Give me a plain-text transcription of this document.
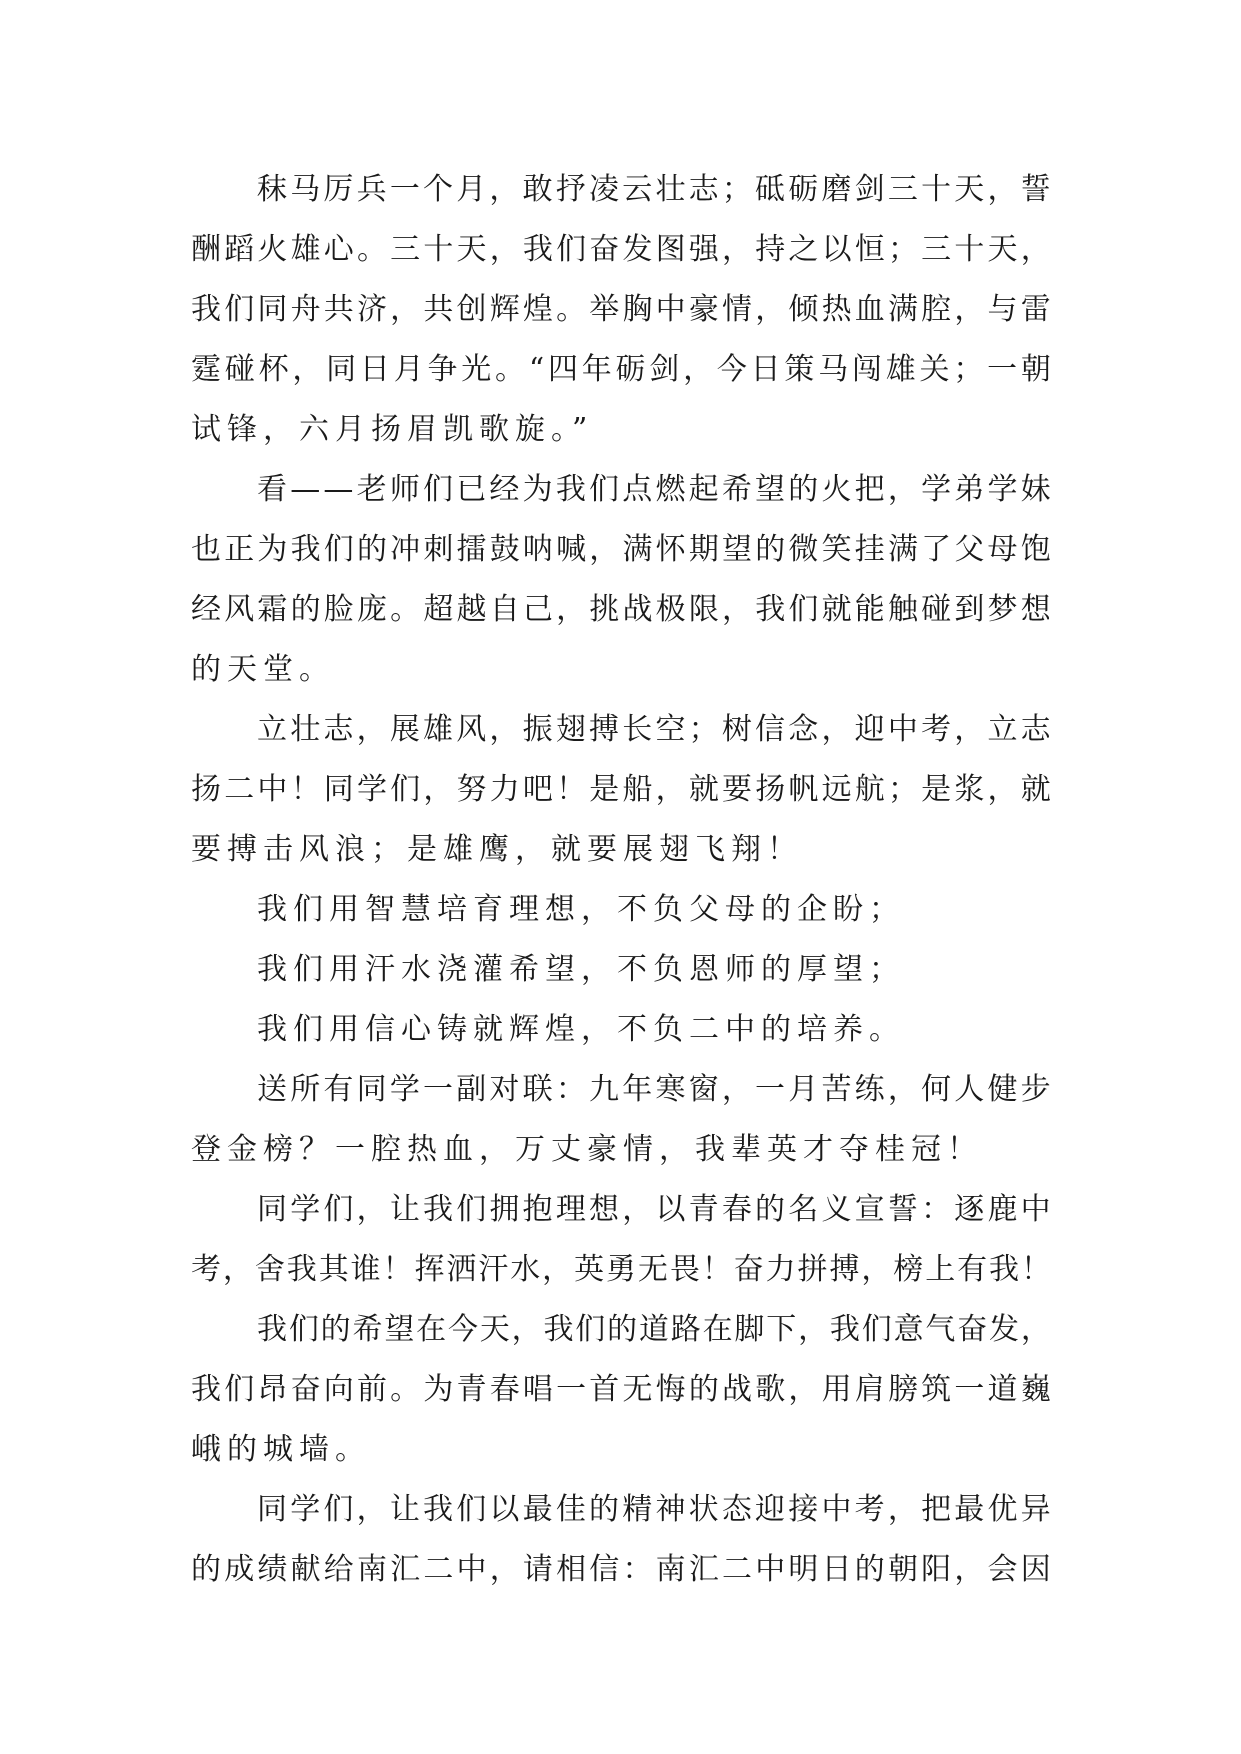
秣 马 厉 兵 一 个 月 ， 敢 抒 凌 云 壮 志 ； 砥 砺 磨 剑 三 十 天 ， 誓
酬 蹈 火 雄 心 。 三 十 天 ， 我 们 奋 发 图 强 ， 持 之 以 恒 ； 三 十 天 ，
我 们 同 舟 共 济 ， 共 创 辉 煌 。 举 胸 中 豪 情 ， 倾 热 血 满 腔 ， 与 雷
霆 碰 杯 ， 同 日 月 争 光 。 “ 四 年 砺 剑 ， 今 日 策 马 闯 雄 关 ； 一 朝
试锋，六月扬眉凯歌旋。”
看 — — 老 师 们 已 经 为 我 们 点 燃 起 希 望 的 火 把 ， 学 弟 学 妹
也 正 为 我 们 的 冲 刺 擂 鼓 呐 喊 ， 满 怀 期 望 的 微 笑 挂 满 了 父 母 饱
经 风 霜 的 脸 庞 。 超 越 自 己 ， 挑 战 极 限 ， 我 们 就 能 触 碰 到 梦 想
的天堂。
立 壮 志 ， 展 雄 风 ， 振 翅 搏 长 空 ； 树 信 念 ， 迎 中 考 ， 立 志
扬 二 中 ！ 同 学 们 ， 努 力 吧 ！ 是 船 ， 就 要 扬 帆 远 航 ； 是 浆 ， 就
要搏击风浪；是雄鹰，就要展翅飞翔！
我们用智慧培育理想，不负父母的企盼；
我们用汗水浇灌希望，不负恩师的厚望；
我们用信心铸就辉煌，不负二中的培养。
送 所 有 同 学 一 副 对 联 ： 九 年 寒 窗 ， 一 月 苦 练 ， 何 人 健 步
登金榜？一腔热血，万丈豪情，我辈英才夺桂冠！
同 学 们 ， 让 我 们 拥 抱 理 想 ， 以 青 春 的 名 义 宣 誓 ： 逐 鹿 中
考 ， 舍 我 其 谁 ！ 挥 洒 汗 水 ， 英 勇 无 畏 ！ 奋 力 拼 搏 ， 榜 上 有 我 ！
我 们 的 希 望 在 今 天 ， 我 们 的 道 路 在 脚 下 ， 我 们 意 气 奋 发 ，
我 们 昂 奋 向 前 。 为 青 春 唱 一 首 无 悔 的 战 歌 ， 用 肩 膀 筑 一 道 巍
峨的城墙。
同 学 们 ， 让 我 们 以 最 佳 的 精 神 状 态 迎 接 中 考 ， 把 最 优 异
的 成 绩 献 给 南 汇 二 中 ， 请 相 信 ： 南 汇 二 中 明 日 的 朝 阳 ， 会 因
